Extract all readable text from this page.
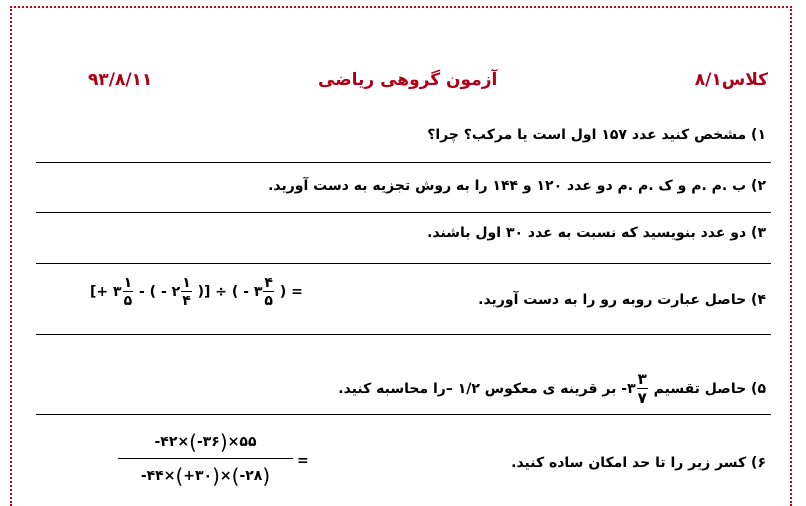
کلاس۸/۱
آزمون گروهی ریاضی
۹۳/۸/۱۱
۱) مشخص کنید عدد ۱۵۷ اول است یا مرکب؟ چرا؟
۲) ب .م .م و ک .م .م دو عدد ۱۲۰ و ۱۴۴ را به روش تجزیه به دست آورید.
۳) دو عدد بنویسید که نسبت به عدد ۳۰ اول باشند.
۴) حاصل عبارت روبه رو را به دست آورید.
[+ ۳ $\frac{۱}{۵}$ - ( - ۲ $\frac{۱}{۴}$ )] ÷ ( - ۳ $\frac{۴}{۵}$ ) =
۵) حاصل تقسیم -۳ $\frac{۳}{۷}$
بر قرینه ی معکوس ۱/۲ –را محاسبه کنید.
۶) کسر زیر را تا حد امکان ساده کنید.
-۴۲×(-۳۶)×۵۵
-۴۴×(+۳۰)×(-۲۸)
=
